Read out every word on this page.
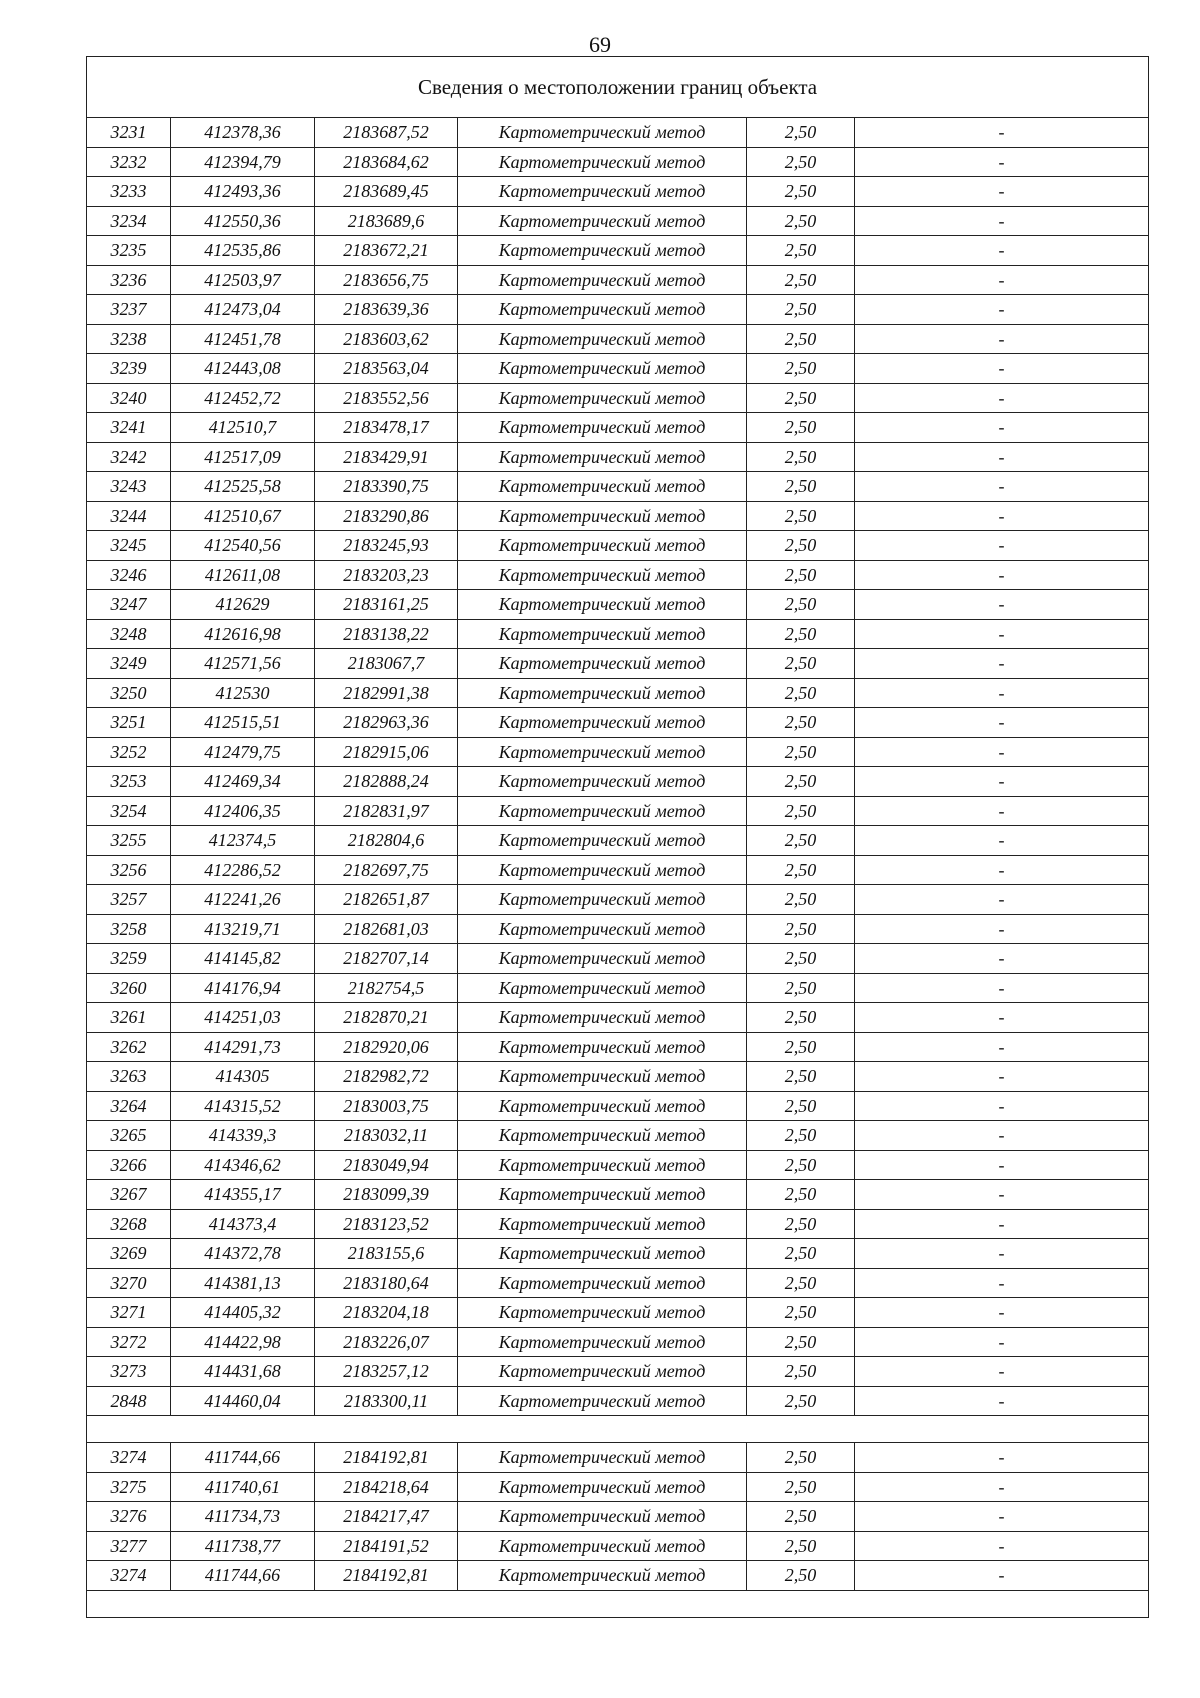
69
Сведения о местоположении границ объекта					
3231	412378,36	2183687,52	Картометрический метод	2,50	-
3232	412394,79	2183684,62	Картометрический метод	2,50	-
3233	412493,36	2183689,45	Картометрический метод	2,50	-
3234	412550,36	2183689,6	Картометрический метод	2,50	-
3235	412535,86	2183672,21	Картометрический метод	2,50	-
3236	412503,97	2183656,75	Картометрический метод	2,50	-
3237	412473,04	2183639,36	Картометрический метод	2,50	-
3238	412451,78	2183603,62	Картометрический метод	2,50	-
3239	412443,08	2183563,04	Картометрический метод	2,50	-
3240	412452,72	2183552,56	Картометрический метод	2,50	-
3241	412510,7	2183478,17	Картометрический метод	2,50	-
3242	412517,09	2183429,91	Картометрический метод	2,50	-
3243	412525,58	2183390,75	Картометрический метод	2,50	-
3244	412510,67	2183290,86	Картометрический метод	2,50	-
3245	412540,56	2183245,93	Картометрический метод	2,50	-
3246	412611,08	2183203,23	Картометрический метод	2,50	-
3247	412629	2183161,25	Картометрический метод	2,50	-
3248	412616,98	2183138,22	Картометрический метод	2,50	-
3249	412571,56	2183067,7	Картометрический метод	2,50	-
3250	412530	2182991,38	Картометрический метод	2,50	-
3251	412515,51	2182963,36	Картометрический метод	2,50	-
3252	412479,75	2182915,06	Картометрический метод	2,50	-
3253	412469,34	2182888,24	Картометрический метод	2,50	-
3254	412406,35	2182831,97	Картометрический метод	2,50	-
3255	412374,5	2182804,6	Картометрический метод	2,50	-
3256	412286,52	2182697,75	Картометрический метод	2,50	-
3257	412241,26	2182651,87	Картометрический метод	2,50	-
3258	413219,71	2182681,03	Картометрический метод	2,50	-
3259	414145,82	2182707,14	Картометрический метод	2,50	-
3260	414176,94	2182754,5	Картометрический метод	2,50	-
3261	414251,03	2182870,21	Картометрический метод	2,50	-
3262	414291,73	2182920,06	Картометрический метод	2,50	-
3263	414305	2182982,72	Картометрический метод	2,50	-
3264	414315,52	2183003,75	Картометрический метод	2,50	-
3265	414339,3	2183032,11	Картометрический метод	2,50	-
3266	414346,62	2183049,94	Картометрический метод	2,50	-
3267	414355,17	2183099,39	Картометрический метод	2,50	-
3268	414373,4	2183123,52	Картометрический метод	2,50	-
3269	414372,78	2183155,6	Картометрический метод	2,50	-
3270	414381,13	2183180,64	Картометрический метод	2,50	-
3271	414405,32	2183204,18	Картометрический метод	2,50	-
3272	414422,98	2183226,07	Картометрический метод	2,50	-
3273	414431,68	2183257,12	Картометрический метод	2,50	-
2848	414460,04	2183300,11	Картометрический метод	2,50	-

3274	411744,66	2184192,81	Картометрический метод	2,50	-
3275	411740,61	2184218,64	Картометрический метод	2,50	-
3276	411734,73	2184217,47	Картометрический метод	2,50	-
3277	411738,77	2184191,52	Картометрический метод	2,50	-
3274	411744,66	2184192,81	Картометрический метод	2,50	-
